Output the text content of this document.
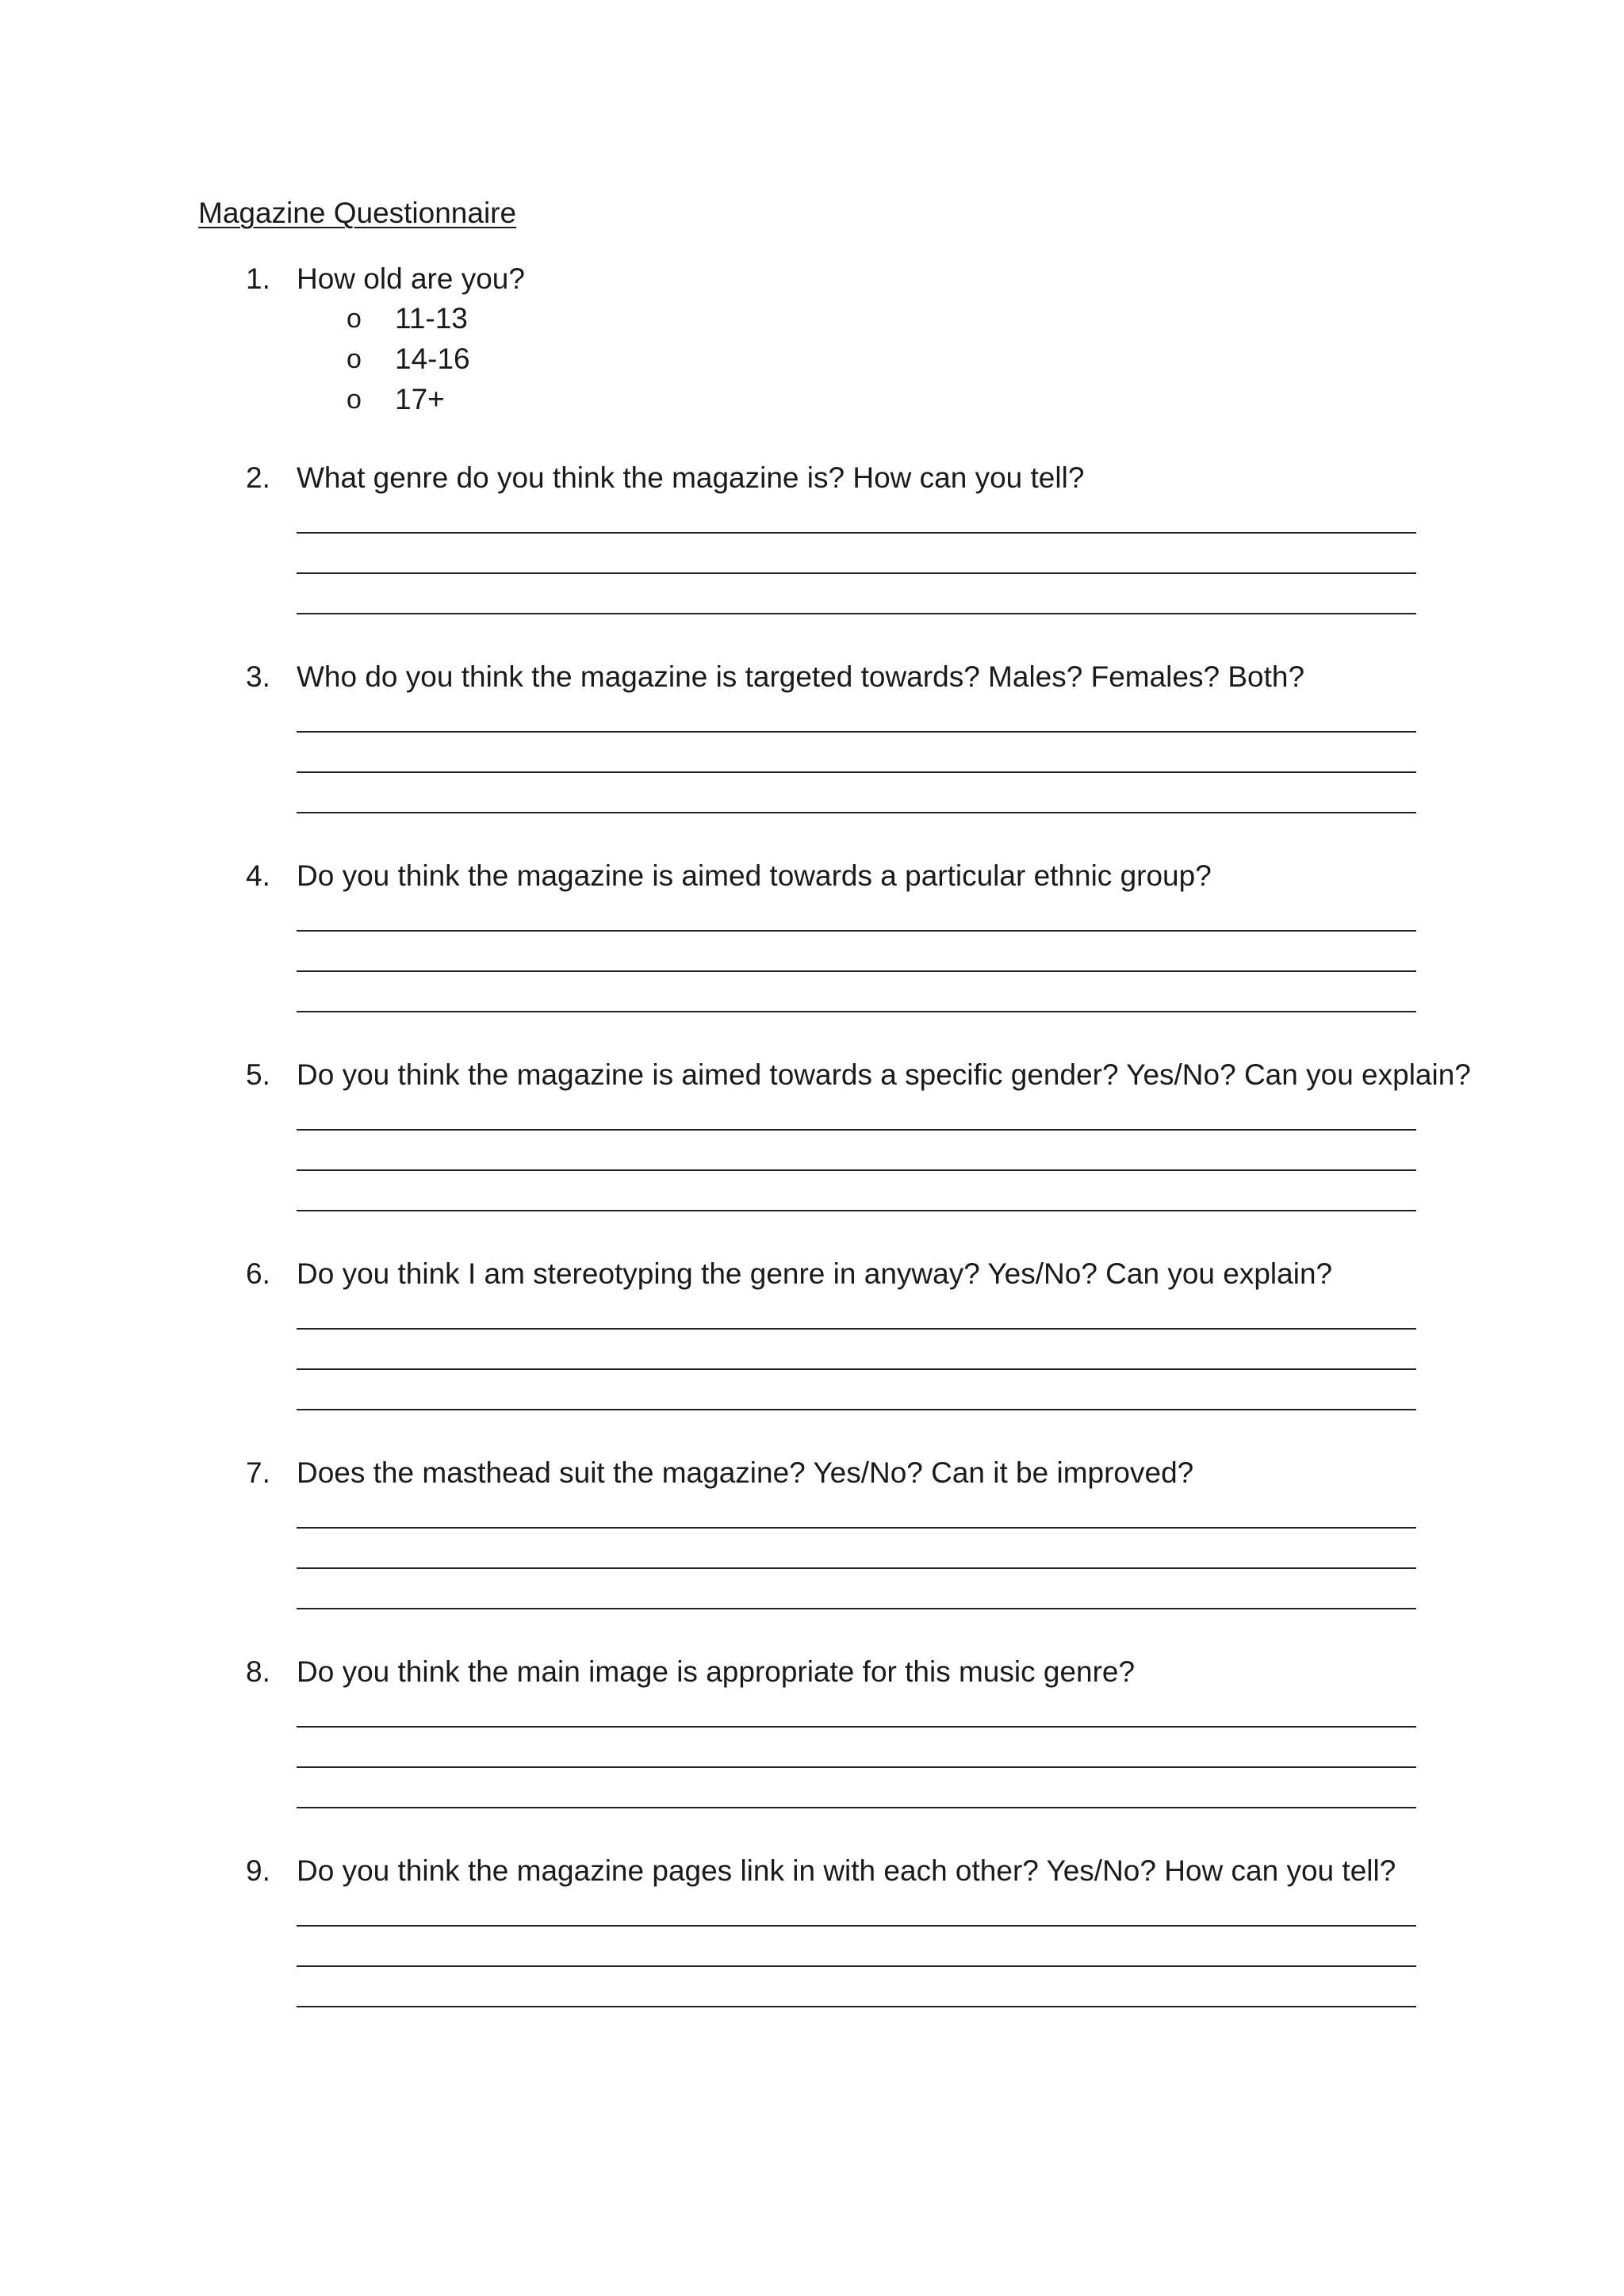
Magazine Questionnaire
1. How old are you?
o 11-13
o 14-16
o 17+
2. What genre do you think the magazine is? How can you tell?
3. Who do you think the magazine is targeted towards? Males? Females? Both?
4. Do you think the magazine is aimed towards a particular ethnic group?
5. Do you think the magazine is aimed towards a specific gender? Yes/No? Can you explain?
6. Do you think I am stereotyping the genre in anyway? Yes/No? Can you explain?
7. Does the masthead suit the magazine? Yes/No? Can it be improved?
8. Do you think the main image is appropriate for this music genre?
9. Do you think the magazine pages link in with each other? Yes/No? How can you tell?
